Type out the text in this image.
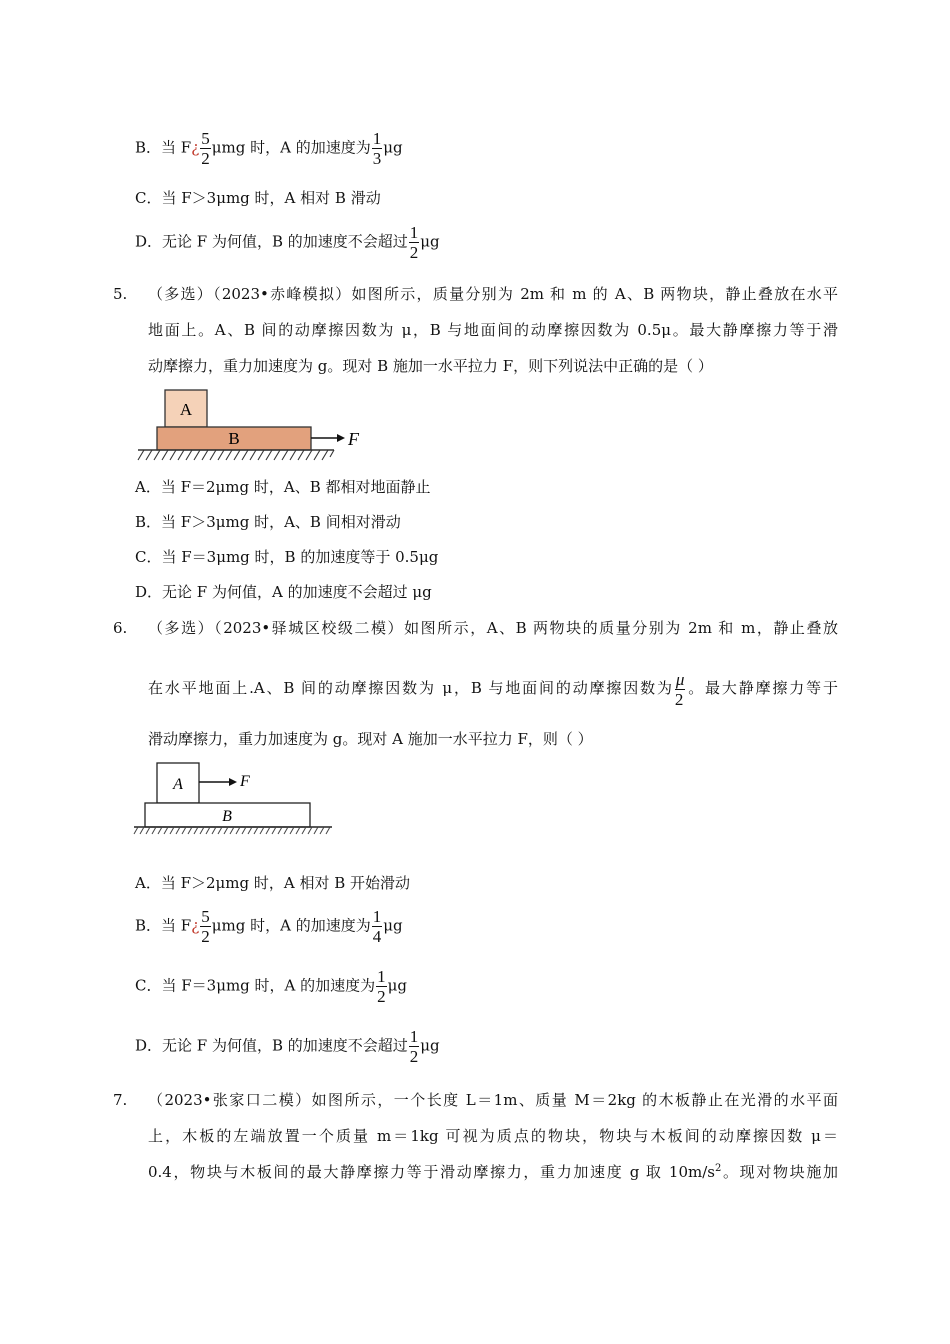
B．当 F¿ $\frac{5}{2}$ μmg 时，A 的加速度为 $\frac{1}{3}$ μg
C．当 F＞3μmg 时，A 相对 B 滑动
D．无论 F 为何值，B 的加速度不会超过 $\frac{1}{2}$ μg
5. （多选）（2023•赤峰模拟）如图所示，质量分别为 2m 和 m 的 A、B 两物块，静止叠放在水平
地面上。A、B 间的动摩擦因数为 μ，B 与地面间的动摩擦因数为 0.5μ。最大静摩擦力等于滑
动摩擦力，重力加速度为 g。现对 B 施加一水平拉力 F，则下列说法中正确的是（ ）
A
B	F
A．当 F＝2μmg 时，A、B 都相对地面静止
B．当 F＞3μmg 时，A、B 间相对滑动
C．当 F＝3μmg 时，B 的加速度等于 0.5μg
D．无论 F 为何值，A 的加速度不会超过 μg
6. （多选）（2023•驿城区校级二模）如图所示，A、B 两物块的质量分别为 2m 和 m，静止叠放
在水平地面上.A、B 间的动摩擦因数为 μ，B 与地面间的动摩擦因数为 $\frac{\mu}{2}$ 。最大静摩擦力等于
滑动摩擦力，重力加速度为 g。现对 A 施加一水平拉力 F，则（ ）
A	F
B
A．当 F＞2μmg 时，A 相对 B 开始滑动
B．当 F¿ $\frac{5}{2}$ μmg 时，A 的加速度为 $\frac{1}{4}$ μg
C．当 F＝3μmg 时，A 的加速度为 $\frac{1}{2}$ μg
D．无论 F 为何值，B 的加速度不会超过 $\frac{1}{2}$ μg
7. （2023•张家口二模）如图所示，一个长度 L＝1m、质量 M＝2kg 的木板静止在光滑的水平面
上，木板的左端放置一个质量 m＝1kg 可视为质点的物块，物块与木板间的动摩擦因数 μ＝
0.4，物块与木板间的最大静摩擦力等于滑动摩擦力，重力加速度 g 取 $10m/s^2$。现对物块施加
